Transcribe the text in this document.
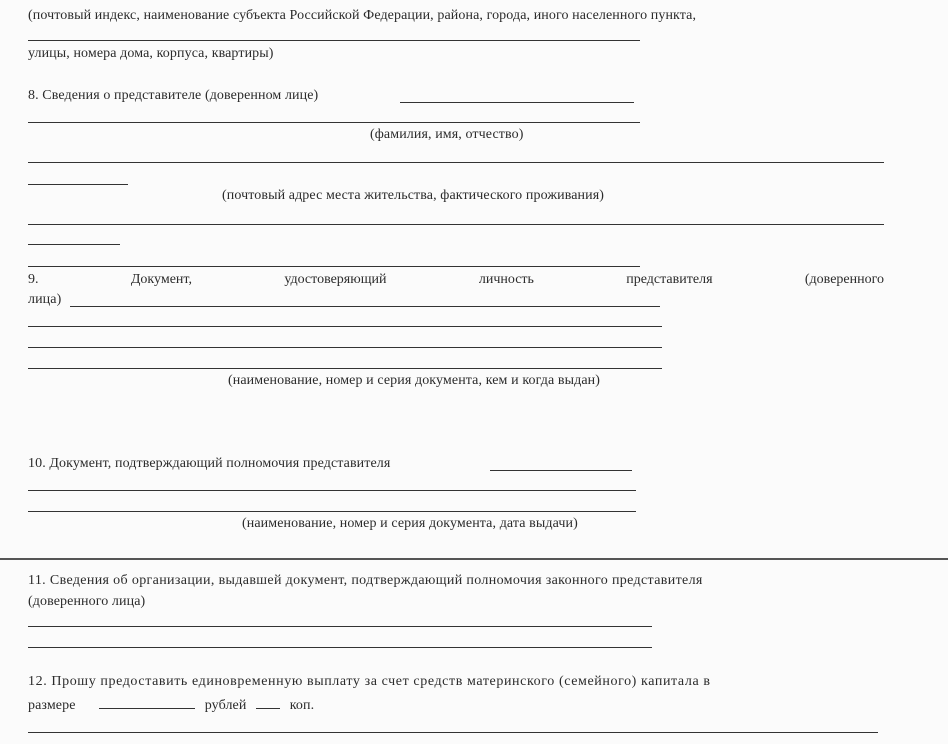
(почтовый индекс, наименование субъекта Российской Федерации, района, города, иного населенного пункта,
улицы, номера дома, корпуса, квартиры)
8. Сведения о представителе (доверенном лице)
(фамилия, имя, отчество)
(почтовый адрес места жительства, фактического проживания)
9.	Документ,	удостоверяющий	личность	представителя	(доверенного
лица)
(наименование, номер и серия документа, кем и когда выдан)
10. Документ, подтверждающий полномочия представителя
(наименование, номер и серия документа, дата выдачи)
11. Сведения об организации, выдавшей документ, подтверждающий полномочия законного представителя
(доверенного лица)
12. Прошу предоставить единовременную выплату за счет средств материнского (семейного) капитала в
размере	рублей	коп.
